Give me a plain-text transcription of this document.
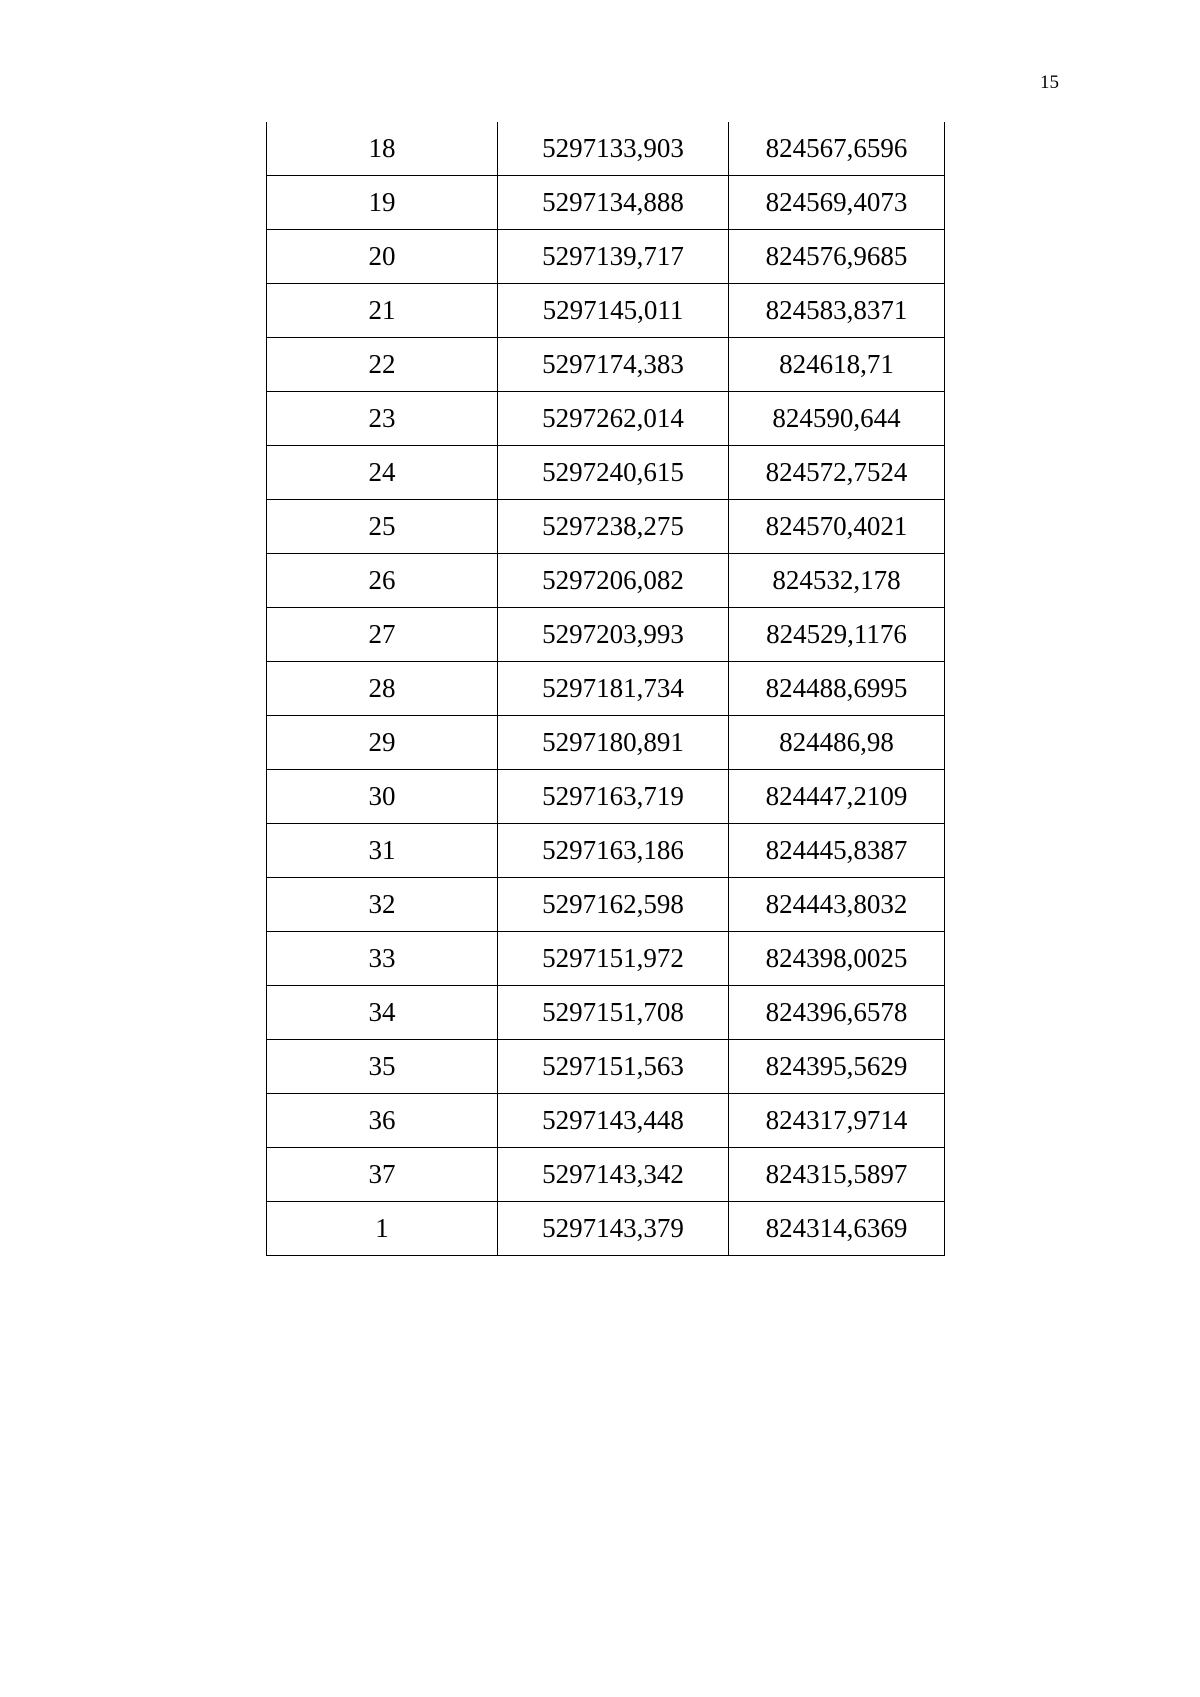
15
18	5297133,903	824567,6596
19	5297134,888	824569,4073
20	5297139,717	824576,9685
21	5297145,011	824583,8371
22	5297174,383	824618,71
23	5297262,014	824590,644
24	5297240,615	824572,7524
25	5297238,275	824570,4021
26	5297206,082	824532,178
27	5297203,993	824529,1176
28	5297181,734	824488,6995
29	5297180,891	824486,98
30	5297163,719	824447,2109
31	5297163,186	824445,8387
32	5297162,598	824443,8032
33	5297151,972	824398,0025
34	5297151,708	824396,6578
35	5297151,563	824395,5629
36	5297143,448	824317,9714
37	5297143,342	824315,5897
1	5297143,379	824314,6369
